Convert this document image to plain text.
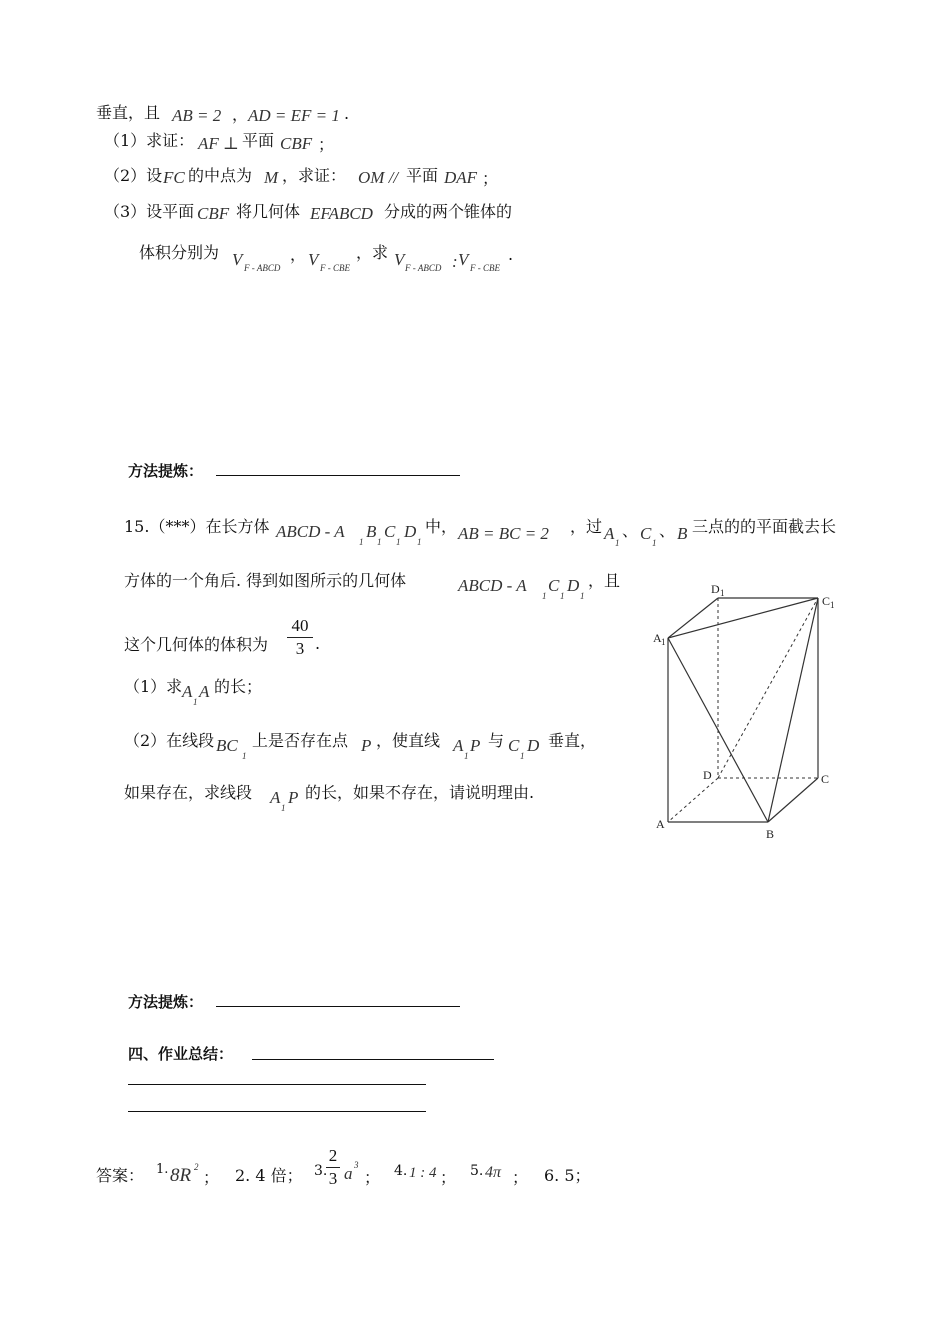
垂直，且 AB = 2 ， AD = EF = 1 .
（1）求证： AF ⊥ 平面 CBF ；
（2）设 FC 的中点为 M ，求证： OM // 平面 DAF ；
（3）设平面 CBF 将几何体 EFABCD 分成的两个锥体的
体积分别为 V F - ABCD
， V F - CBE
，求 V F - ABCD : V F - CBE
.
方法提炼：
15.（***）在长方体 ABCD - A
1
B
1
C
1
D
1
中， AB = BC = 2 ，过 A 1
、 C 1
、 B 三点的的平面截去长
方体的一个角后. 得到如图所示的几何体	ABCD - A
1
C
1
D
1
，且
这个几何体的体积为
40
3 .
（1）求 A
1
A 的长；
（2）在线段 BC
1
上是否存在点 P ，使直线 A
1
P 与 C
1
D 垂直，
如果存在，求线段 A
1
P 的长，如果不存在，请说明理由.
D 1
C 1
A 1
D	C
A
B
方法提炼：
四、作业总结：
答案： 1. 8R 2
； 2. 4 倍； 3.
2
3 a 3
； 4. 1 : 4 ； 5. 4π ； 6. 5；
